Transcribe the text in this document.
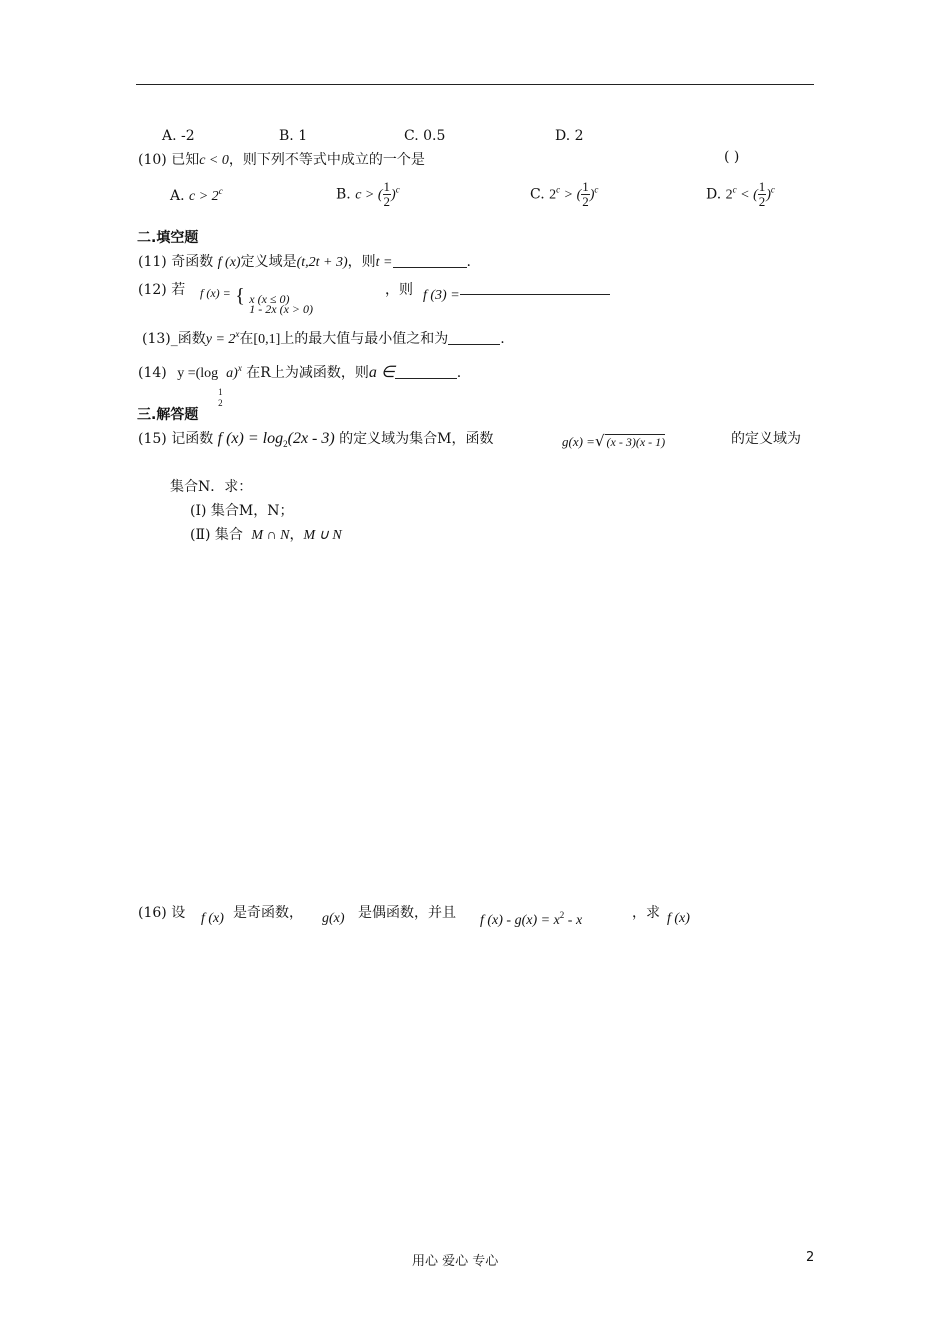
A. -2	B. 1	C. 0.5	D. 2
(10) 已知c < 0，则下列不等式中成立的一个是	( )
A. $c > 2^c$	B. c > ( $\frac{1}{2} )^c$	C. $2^c$ > ( $\frac{1}{2} )^c$	D. $2^c$ < ( $\frac{1}{2} )^c$
二.填空题
(11) 奇函数 f (x)定义域是(t,2t + 3)，则t =	.
(12) 若 f (x) = { x (x ≤ 0)
1 - 2x (x > 0)
，则 f (3) =
(13)_函数$y = 2^x$在[0,1]上的最大值与最小值之和为	.
(14) y =(log
1
2
a)$^x$ 在R上为减函数，则a ∈	.
三.解答题
(15) 记函数 f $(x) = \log_2(2x - 3)$ 的定义域为集合M，函数	g(x) =√ (x - 3)(x - 1)	的定义域为
集合N．求：
(Ⅰ) 集合M，N；
(Ⅱ) 集合 M ∩ N，M ∪ N
(16) 设 f (x) 是奇函数， g(x) 是偶函数，并且 f $(x) - g(x) = x^2 - x$	，求 f (x)
用心 爱心 专心	2
